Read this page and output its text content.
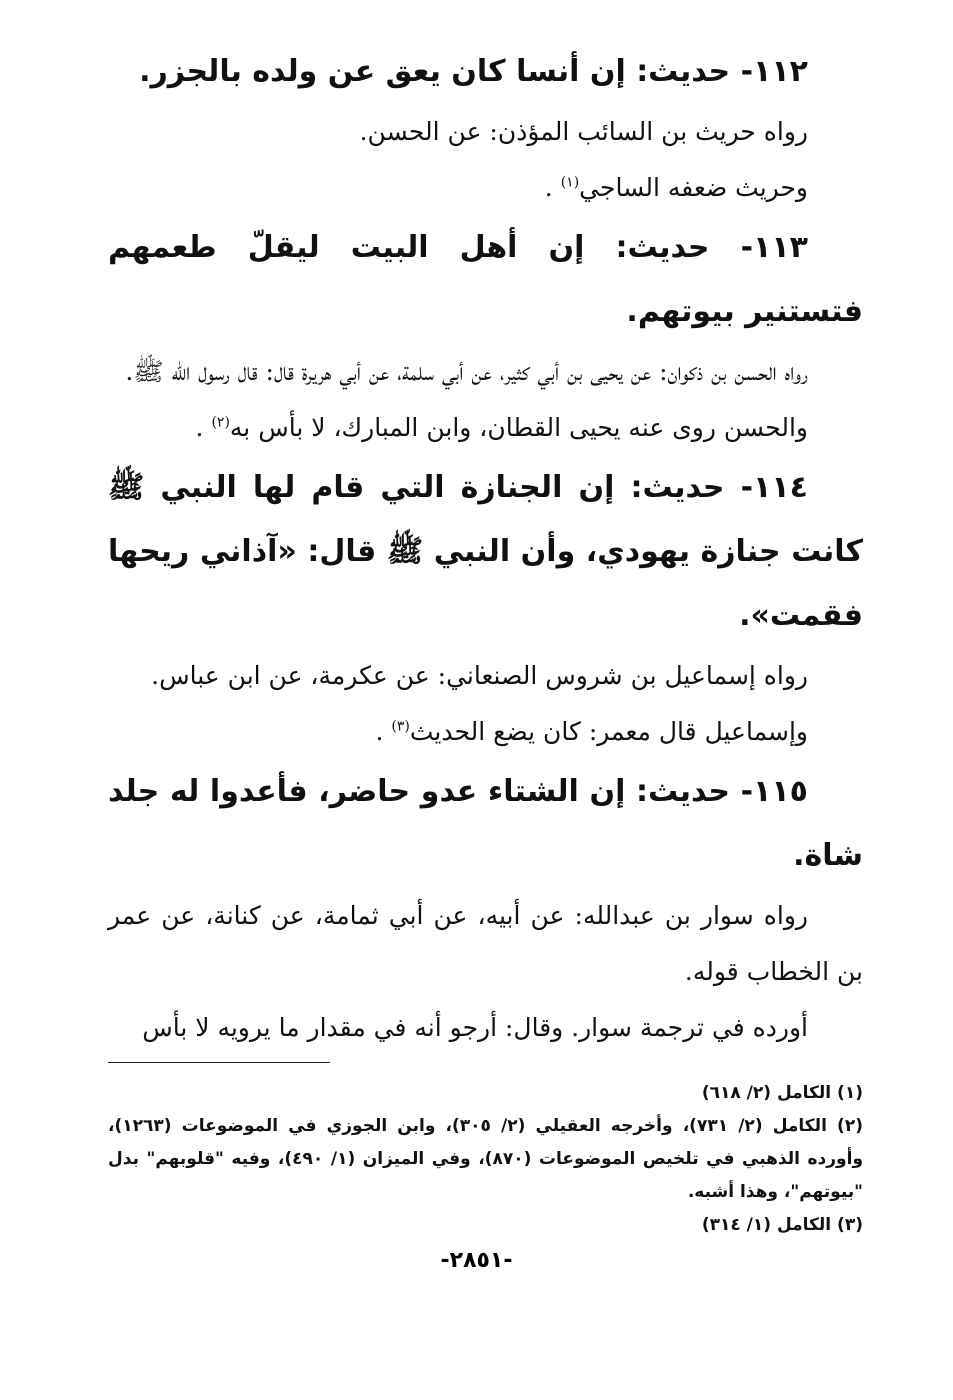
١١٢- حديث: إن أنسا كان يعق عن ولده بالجزر.

رواه حريث بن السائب المؤذن: عن الحسن.

وحريث ضعفه الساجي$^{(١)}$ .

١١٣- حديث: إن أهل البيت ليقلّ طعمهم فتستنير بيوتهم.

رواه الحسن بن ذكوان: عن يحيى بن أبي كثير، عن أبي سلمة، عن أبي هريرة قال: قال رسول الله ﷺ.

والحسن روى عنه يحيى القطان، وابن المبارك، لا بأس به$^{(٢)}$ .

١١٤- حديث: إن الجنازة التي قام لها النبي ﷺ كانت جنازة يهودي، وأن النبي ﷺ قال: «آذاني ريحها فقمت».

رواه إسماعيل بن شروس الصنعاني: عن عكرمة، عن ابن عباس.

وإسماعيل قال معمر: كان يضع الحديث$^{(٣)}$ .

١١٥- حديث: إن الشتاء عدو حاضر، فأعدوا له جلد شاة.

رواه سوار بن عبدالله: عن أبيه، عن أبي ثمامة، عن كنانة، عن عمر بن الخطاب قوله.

أورده في ترجمة سوار. وقال: أرجو أنه في مقدار ما يرويه لا بأس

(١) الكامل (٢/ ٦١٨)

(٢) الكامل (٢/ ٧٣١)، وأخرجه العقيلي (٢/ ٣٠٥)، وابن الجوزي في الموضوعات (١٢٦٣)، وأورده الذهبي في تلخيص الموضوعات (٨٧٠)، وفي الميزان (١/ ٤٩٠)، وفيه "قلوبهم" بدل "بيوتهم"، وهذا أشبه.

(٣) الكامل (١/ ٣١٤)

-٢٨٥١-
